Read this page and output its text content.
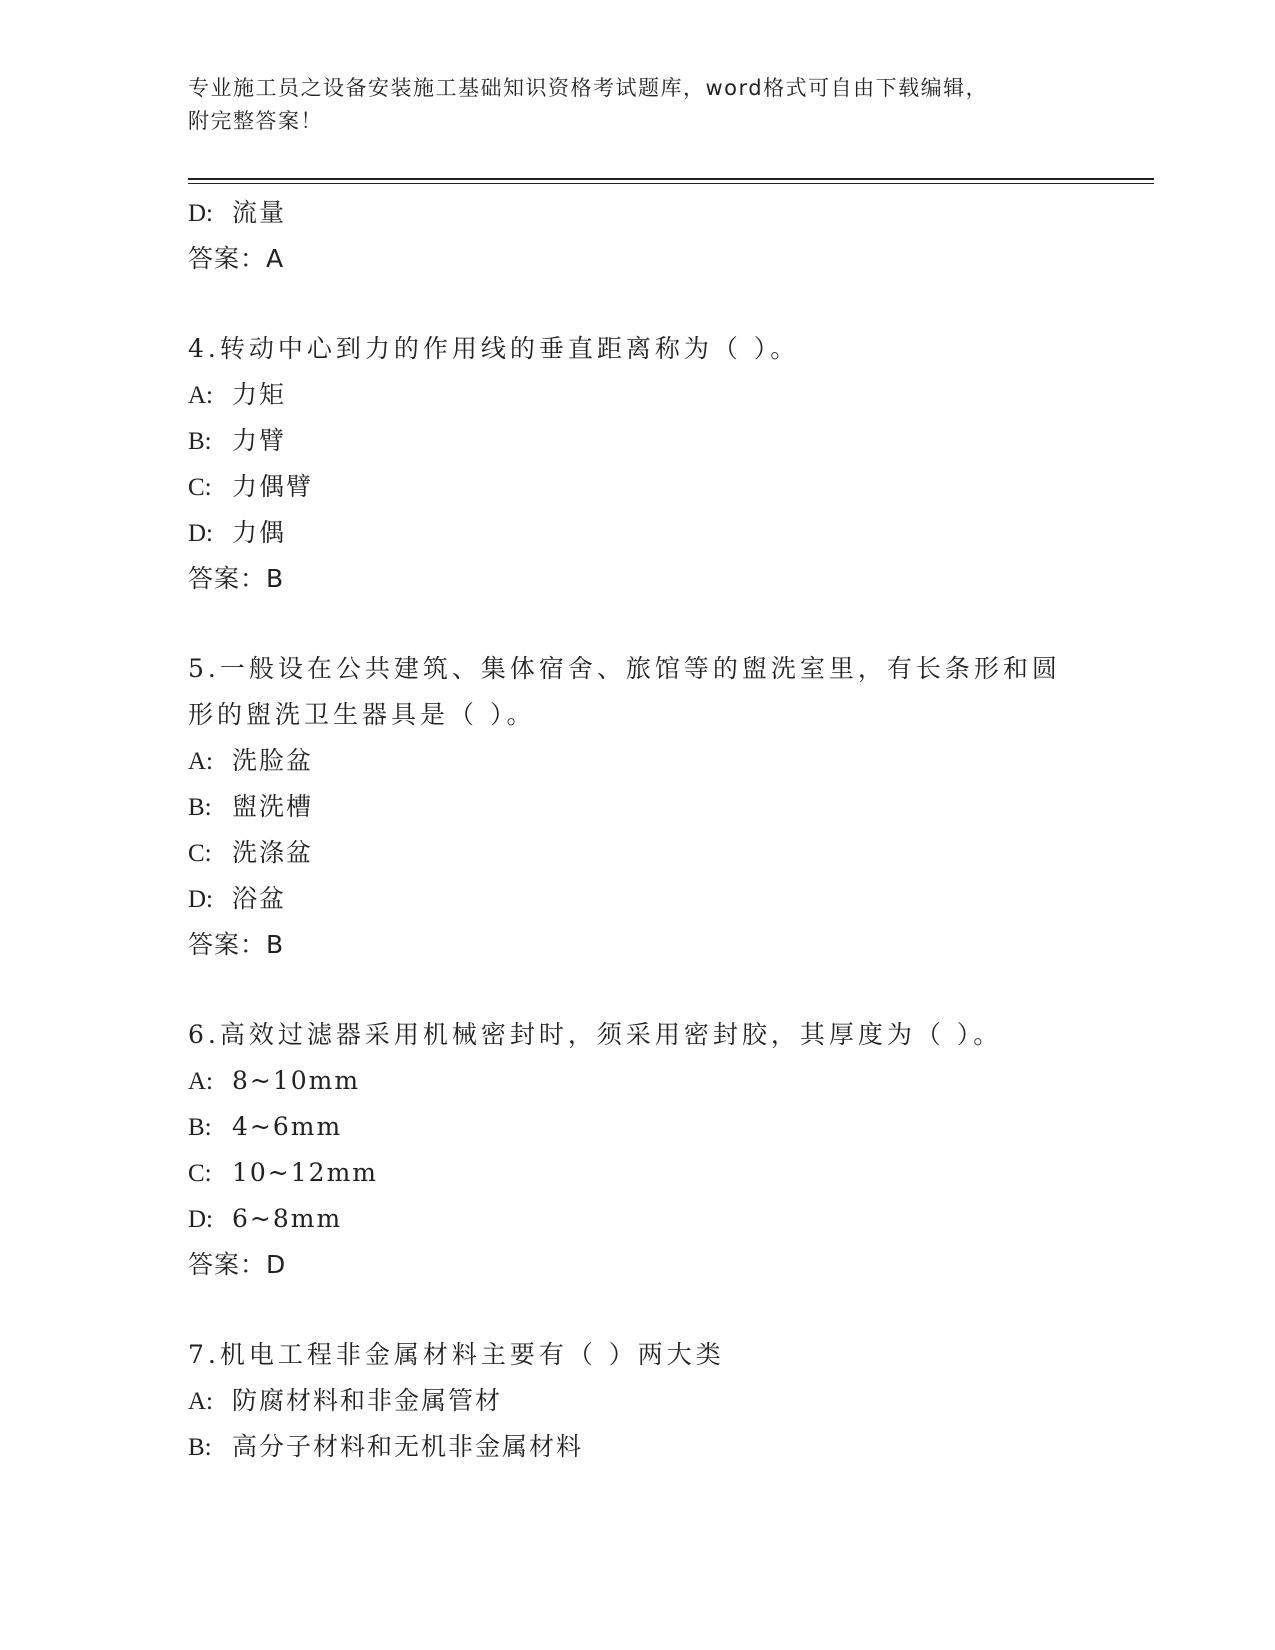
专业施工员之设备安装施工基础知识资格考试题库，word格式可自由下载编辑，
附完整答案！
D: 流量
答案：A
4.转动中心到力的作用线的垂直距离称为（ ）。
A: 力矩
B: 力臂
C: 力偶臂
D: 力偶
答案：B
5.一般设在公共建筑、集体宿舍、旅馆等的盥洗室里，有长条形和圆
形的盥洗卫生器具是（ ）。
A: 洗脸盆
B: 盥洗槽
C: 洗涤盆
D: 浴盆
答案：B
6.高效过滤器采用机械密封时，须采用密封胶，其厚度为（ ）。
A: 8~10mm
B: 4~6mm
C: 10~12mm
D: 6~8mm
答案：D
7.机电工程非金属材料主要有（ ）两大类
A: 防腐材料和非金属管材
B: 高分子材料和无机非金属材料
